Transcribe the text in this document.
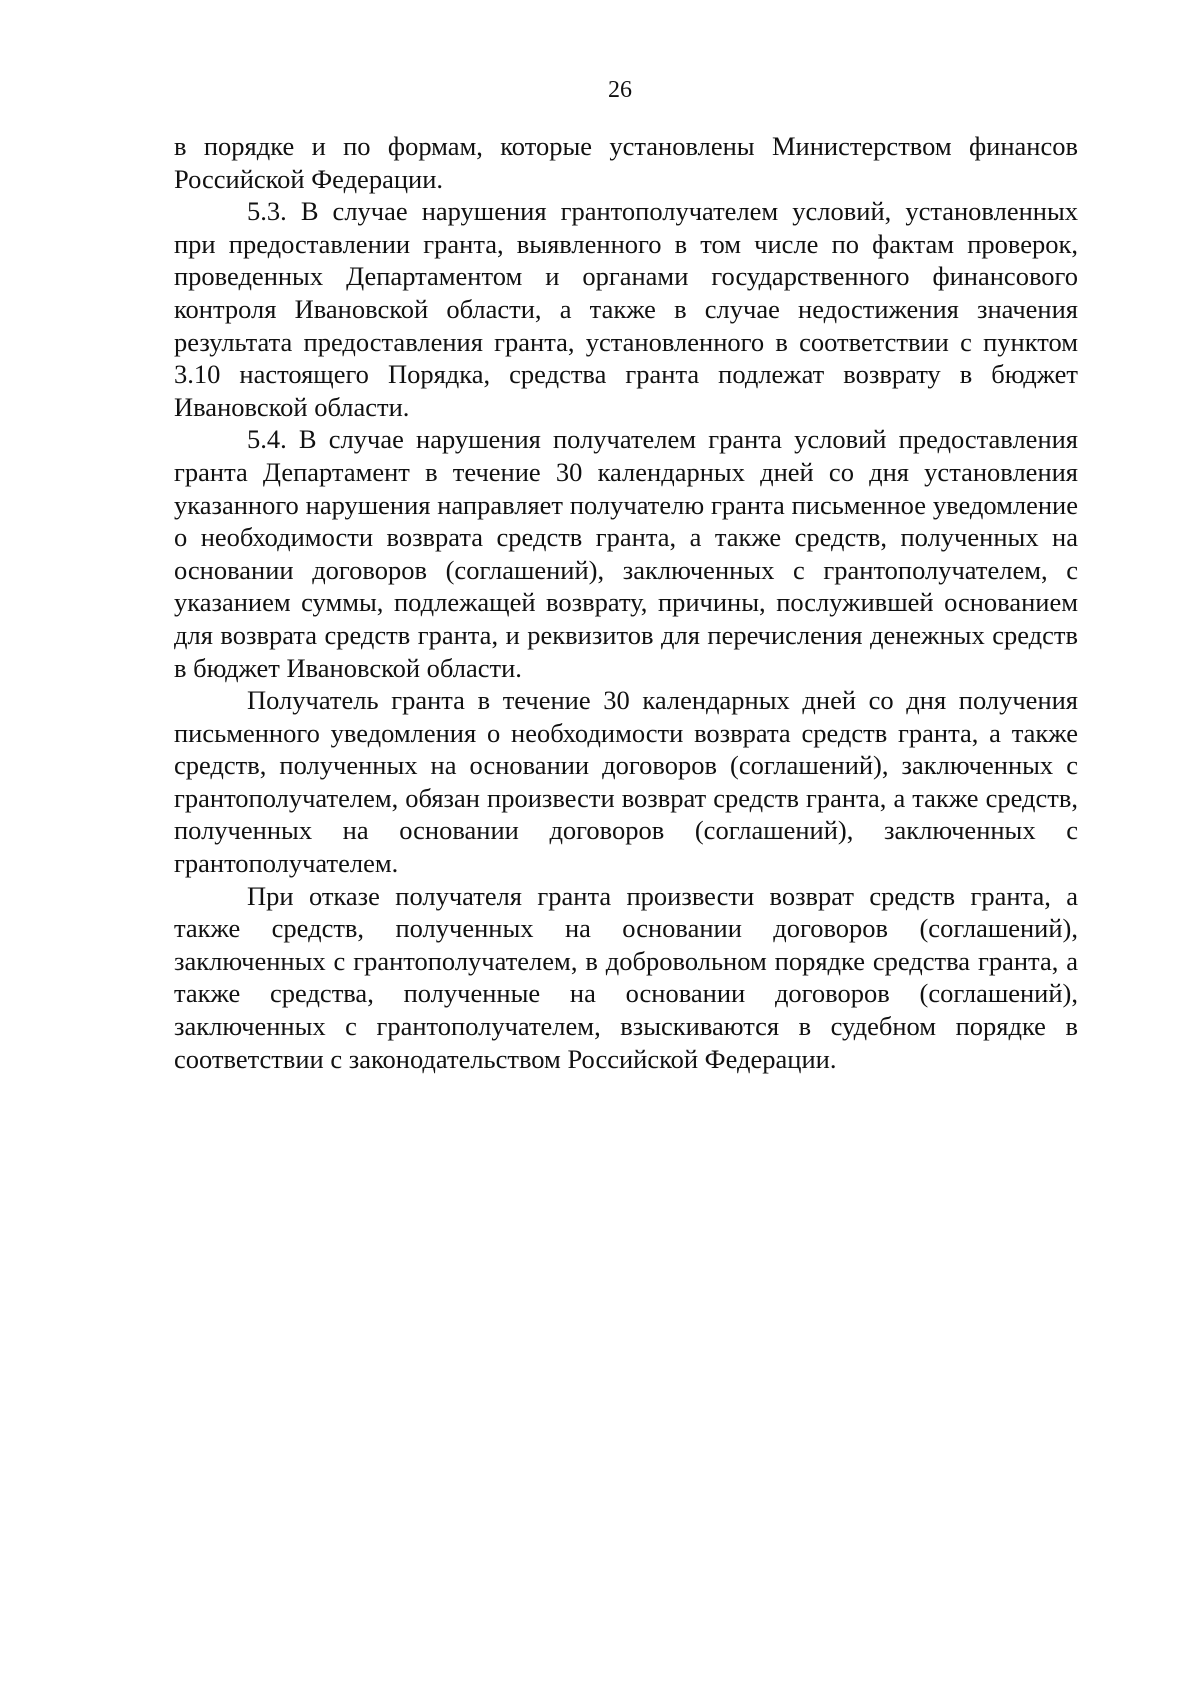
26

в порядке и по формам, которые установлены Министерством финансов Российской Федерации.

5.3. В случае нарушения грантополучателем условий, установленных при предоставлении гранта, выявленного в том числе по фактам проверок, проведенных Департаментом и органами государственного финансового контроля Ивановской области, а также в случае недостижения значения результата предоставления гранта, установленного в соответствии с пунктом 3.10 настоящего Порядка, средства гранта подлежат возврату в бюджет Ивановской области.

5.4. В случае нарушения получателем гранта условий предоставления гранта Департамент в течение 30 календарных дней со дня установления указанного нарушения направляет получателю гранта письменное уведомление о необходимости возврата средств гранта, а также средств, полученных на основании договоров (соглашений), заключенных с грантополучателем, с указанием суммы, подлежащей возврату, причины, послужившей основанием для возврата средств гранта, и реквизитов для перечисления денежных средств в бюджет Ивановской области.

Получатель гранта в течение 30 календарных дней со дня получения письменного уведомления о необходимости возврата средств гранта, а также средств, полученных на основании договоров (соглашений), заключенных с грантополучателем, обязан произвести возврат средств гранта, а также средств, полученных на основании договоров (соглашений), заключенных с грантополучателем.

При отказе получателя гранта произвести возврат средств гранта, а также средств, полученных на основании договоров (соглашений), заключенных с грантополучателем, в добровольном порядке средства гранта, а также средства, полученные на основании договоров (соглашений), заключенных с грантополучателем, взыскиваются в судебном порядке в соответствии с законодательством Российской Федерации.
